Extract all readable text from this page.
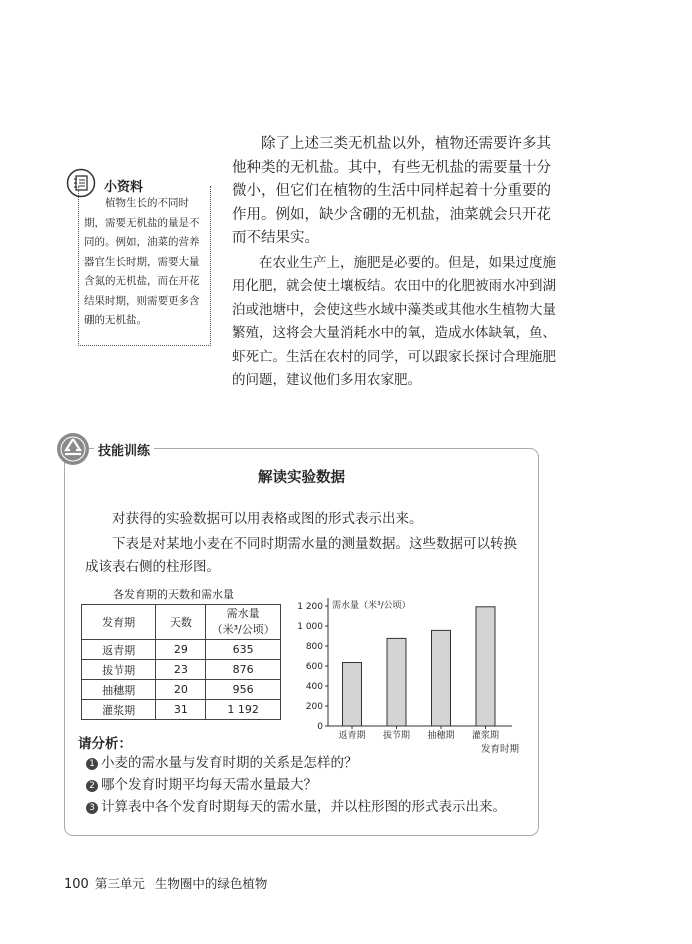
除了上述三类无机盐以外，植物还需要许多其他种类的无机盐。其中，有些无机盐的需要量十分微小，但它们在植物的生活中同样起着十分重要的作用。例如，缺少含硼的无机盐，油菜就会只开花而不结果实。

在农业生产上，施肥是必要的。但是，如果过度施用化肥，就会使土壤板结。农田中的化肥被雨水冲到湖泊或池塘中，会使这些水域中藻类或其他水生植物大量繁殖，这将会大量消耗水中的氧，造成水体缺氧，鱼、虾死亡。生活在农村的同学，可以跟家长探讨合理施肥的问题，建议他们多用农家肥。

小资料
植物生长的不同时期，需要无机盐的量是不同的。例如，油菜的营养器官生长时期，需要大量含氮的无机盐，而在开花结果时期，则需要更多含硼的无机盐。
技能训练
解读实验数据

对获得的实验数据可以用表格或图的形式表示出来。

下表是对某地小麦在不同时期需水量的测量数据。这些数据可以转换成该表右侧的柱形图。

各发育期的天数和需水量
发育期	天数	需水量
（米³/公顷）

返青期	29	635
拔节期	23	876
抽穗期	20	956
灌浆期	31	1 192
需水量（米³/公顷）
发育时期
0
200
400
600
800
1 000
1 200
返青期 拔节期 抽穗期 灌浆期
请分析：
1 小麦的需水量与发育时期的关系是怎样的？
2 哪个发育时期平均每天需水量最大？
3 计算表中各个发育时期每天的需水量，并以柱形图的形式表示出来。
100 第三单元 生物圈中的绿色植物
